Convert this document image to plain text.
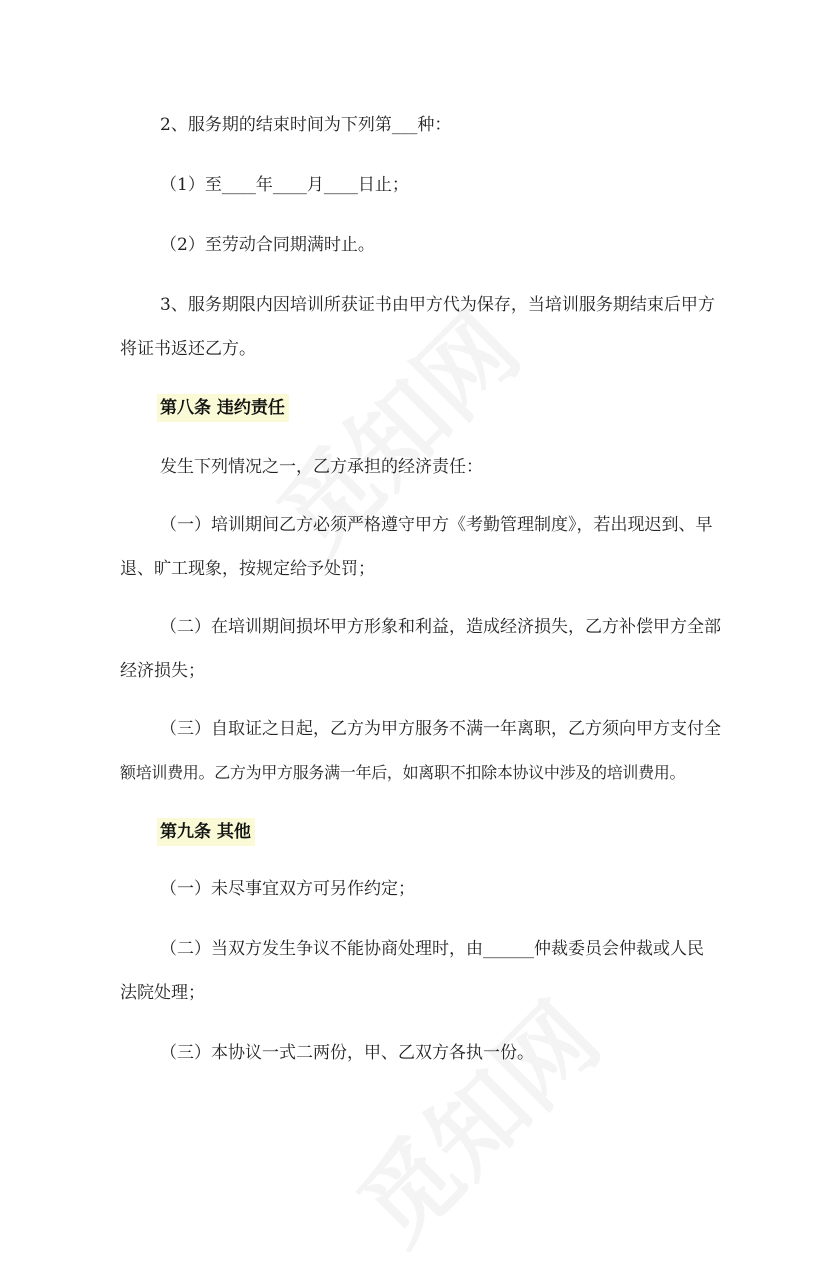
2、服务期的结束时间为下列第___种：
（1）至____年____月____日止；
（2）至劳动合同期满时止。
3、服务期限内因培训所获证书由甲方代为保存，当培训服务期结束后甲方
将证书返还乙方。
第八条 违约责任
发生下列情况之一，乙方承担的经济责任：
（一）培训期间乙方必须严格遵守甲方《考勤管理制度》，若出现迟到、早
退、旷工现象，按规定给予处罚；
（二）在培训期间损坏甲方形象和利益，造成经济损失，乙方补偿甲方全部
经济损失；
（三）自取证之日起，乙方为甲方服务不满一年离职，乙方须向甲方支付全
额培训费用。乙方为甲方服务满一年后，如离职不扣除本协议中涉及的培训费用。
第九条 其他
（一）未尽事宜双方可另作约定；
（二）当双方发生争议不能协商处理时，由______仲裁委员会仲裁或人民
法院处理；
（三）本协议一式二两份，甲、乙双方各执一份。
